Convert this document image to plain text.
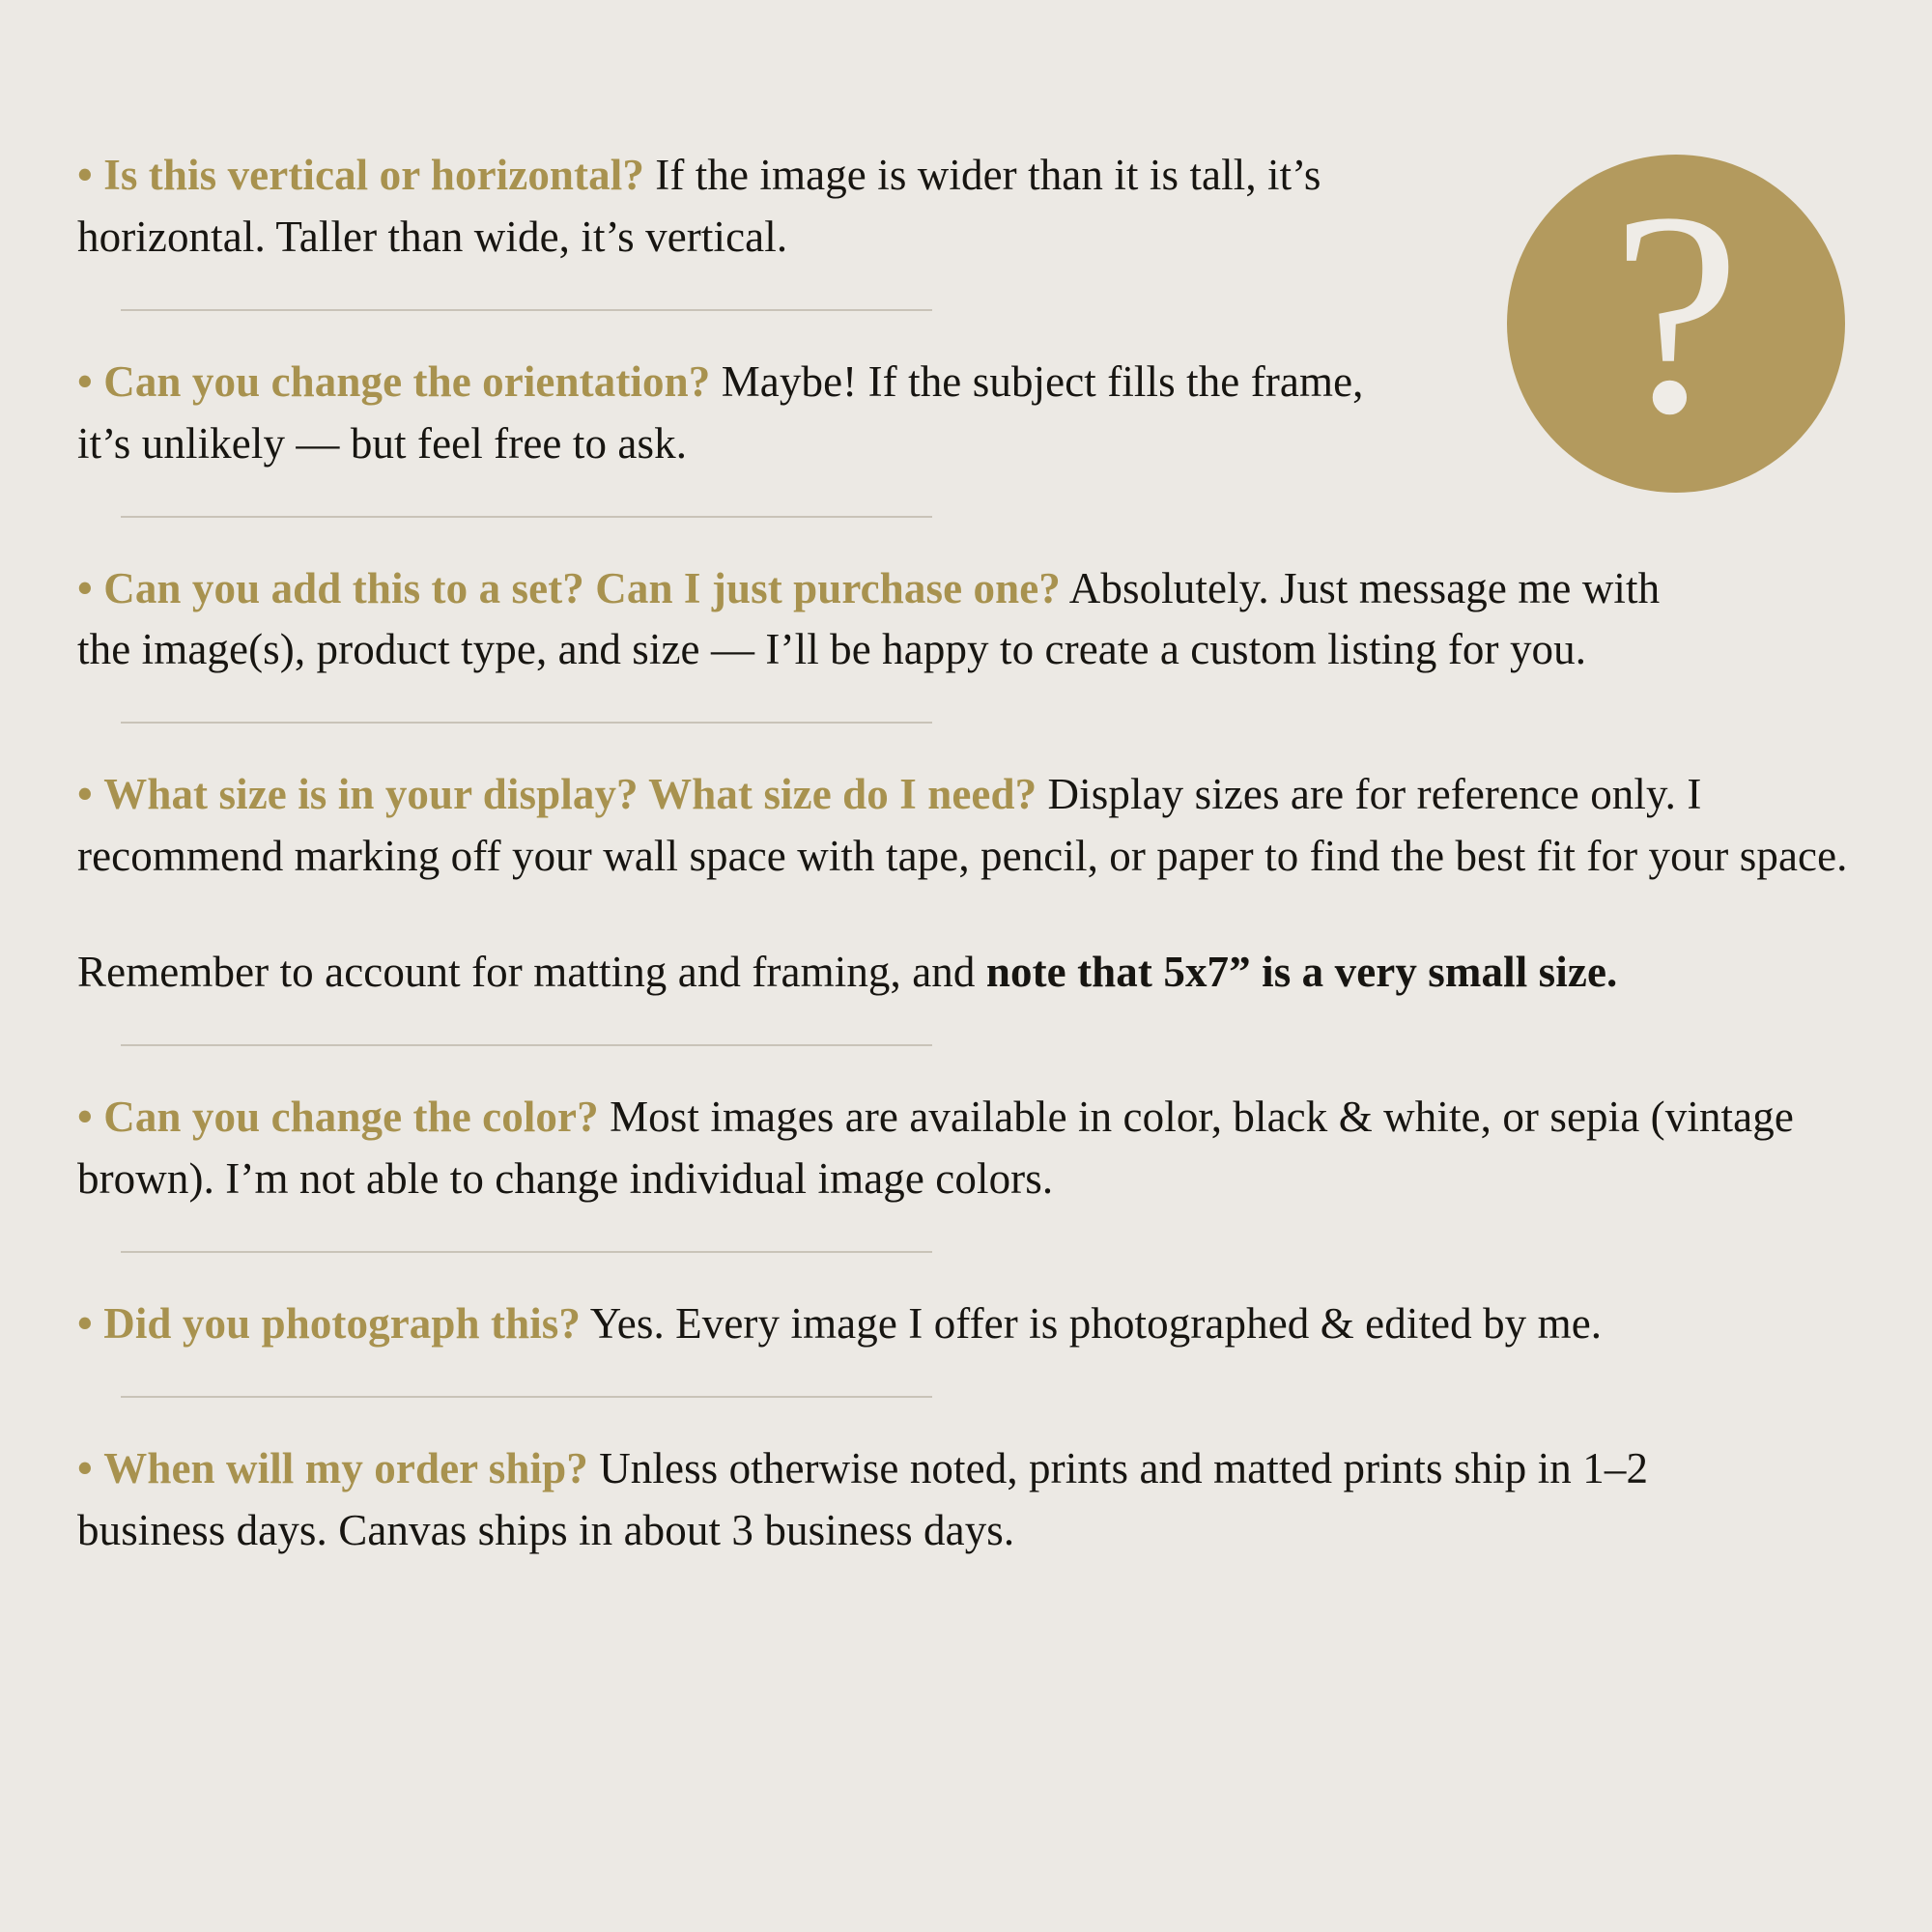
?
• Is this vertical or horizontal? If the image is wider than it is tall, it’s horizontal. Taller than wide, it’s vertical.
• Can you change the orientation? Maybe! If the subject fills the frame, it’s unlikely — but feel free to ask.
• Can you add this to a set? Can I just purchase one? Absolutely. Just message me with the image(s), product type, and size — I’ll be happy to create a custom listing for you.
• What size is in your display? What size do I need? Display sizes are for reference only. I recommend marking off your wall space with tape, pencil, or paper to find the best fit for your space.
Remember to account for matting and framing, and note that 5x7” is a very small size.
• Can you change the color? Most images are available in color, black & white, or sepia (vintage brown). I’m not able to change individual image colors.
• Did you photograph this? Yes. Every image I offer is photographed & edited by me.
• When will my order ship? Unless otherwise noted, prints and matted prints ship in 1–2 business days. Canvas ships in about 3 business days.
